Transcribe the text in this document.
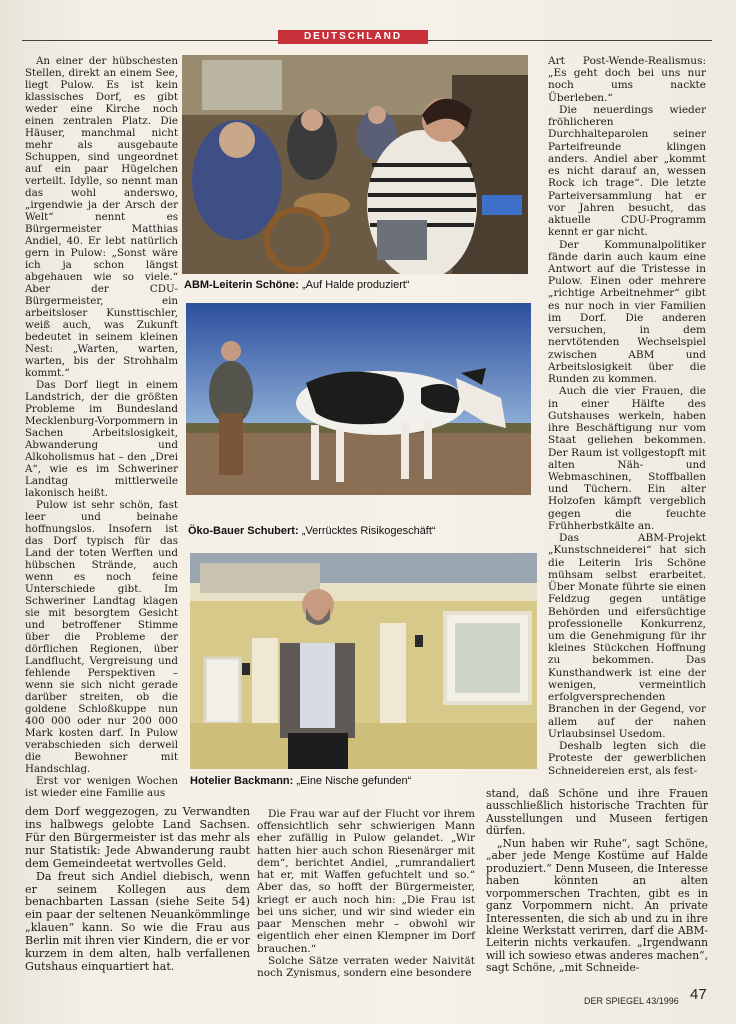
DEUTSCHLAND

An einer der hübschesten Stellen, direkt an einem See, liegt Pulow. Es ist kein klassisches Dorf, es gibt weder eine Kirche noch einen zentralen Platz. Die Häuser, manchmal nicht mehr als ausgebaute Schuppen, sind ungeordnet auf ein paar Hügelchen verteilt. Idylle, so nennt man das wohl anderswo, „irgendwie ja der Arsch der Welt“ nennt es Bürgermeister Matthias Andiel, 40. Er lebt natürlich gern in Pulow: „Sonst wäre ich ja schon längst abgehauen wie so viele.“ Aber der CDU-Bürgermeister, ein arbeitsloser Kunsttischler, weiß auch, was Zukunft bedeutet in seinem kleinen Nest: „Warten, warten, warten, bis der Strohhalm kommt.“

Das Dorf liegt in einem Landstrich, der die größten Probleme im Bundesland Mecklenburg-Vorpommern in Sachen Arbeitslosigkeit, Abwanderung und Alkoholismus hat – den „Drei A“, wie es im Schweriner Landtag mittlerweile lakonisch heißt.

Pulow ist sehr schön, fast leer und beinahe hoffnungslos. Insofern ist das Dorf typisch für das Land der toten Werften und hübschen Strände, auch wenn es noch feine Unterschiede gibt. Im Schweriner Landtag klagen sie mit besorgtem Gesicht und betroffener Stimme über die Probleme der dörflichen Regionen, über Landflucht, Vergreisung und fehlende Perspektiven – wenn sie sich nicht gerade darüber streiten, ob die goldene Schloßkuppe nun 400 000 oder nur 200 000 Mark kosten darf. In Pulow verabschieden sich derweil die Bewohner mit Handschlag.

Erst vor wenigen Wochen ist wieder eine Familie aus

ABM-Leiterin Schöne: „Auf Halde produziert“
Öko-Bauer Schubert: „Verrücktes Risikogeschäft“
Hotelier Backmann: „Eine Nische gefunden“

dem Dorf weggezogen, zu Verwandten ins halbwegs gelobte Land Sachsen. Für den Bürgermeister ist das mehr als nur Statistik: Jede Abwanderung raubt dem Gemeindeetat wertvolles Geld.

Da freut sich Andiel diebisch, wenn er seinem Kollegen aus dem benachbarten Lassan (siehe Seite 54) ein paar der seltenen Neuankömmlinge „klauen“ kann. So wie die Frau aus Berlin mit ihren vier Kindern, die er vor kurzem in dem alten, halb verfallenen Gutshaus einquartiert hat.

Die Frau war auf der Flucht vor ihrem offensichtlich sehr schwierigen Mann eher zufällig in Pulow gelandet. „Wir hatten hier auch schon Riesenärger mit dem“, berichtet Andiel, „rumrandaliert hat er, mit Waffen gefuchtelt und so.“ Aber das, so hofft der Bürgermeister, kriegt er auch noch hin: „Die Frau ist bei uns sicher, und wir sind wieder ein paar Menschen mehr – obwohl wir eigentlich eher einen Klempner im Dorf brauchen.“

Solche Sätze verraten weder Naivität noch Zynismus, sondern eine besondere

Art Post-Wende-Realismus: „Es geht doch bei uns nur noch ums nackte Überleben.“

Die neuerdings wieder fröhlicheren Durchhalteparolen seiner Parteifreunde klingen anders. Andiel aber „kommt es nicht darauf an, wessen Rock ich trage“. Die letzte Parteiversammlung hat er vor Jahren besucht, das aktuelle CDU-Programm kennt er gar nicht.

Der Kommunalpolitiker fände darin auch kaum eine Antwort auf die Tristesse in Pulow. Einen oder mehrere „richtige Arbeitnehmer“ gibt es nur noch in vier Familien im Dorf. Die anderen versuchen, in dem nervtötenden Wechselspiel zwischen ABM und Arbeitslosigkeit über die Runden zu kommen.

Auch die vier Frauen, die in einer Hälfte des Gutshauses werkeln, haben ihre Beschäftigung nur vom Staat geliehen bekommen. Der Raum ist vollgestopft mit alten Näh- und Webmaschinen, Stoffballen und Tüchern. Ein alter Holzofen kämpft vergeblich gegen die feuchte Frühherbstkälte an.

Das ABM-Projekt „Kunstschneiderei“ hat sich die Leiterin Iris Schöne mühsam selbst erarbeitet. Über Monate führte sie einen Feldzug gegen untätige Behörden und eifersüchtige professionelle Konkurrenz, um die Genehmigung für ihr kleines Stückchen Hoffnung zu bekommen. Das Kunsthandwerk ist eine der wenigen, vermeintlich erfolgversprechenden Branchen in der Gegend, vor allem auf der nahen Urlaubsinsel Usedom.

Deshalb legten sich die Proteste der gewerblichen Schneidereien erst, als fest-

stand, daß Schöne und ihre Frauen ausschließlich historische Trachten für Ausstellungen und Museen fertigen dürfen.

„Nun haben wir Ruhe“, sagt Schöne, „aber jede Menge Kostüme auf Halde produziert.“ Denn Museen, die Interesse haben könnten an alten vorpommerschen Trachten, gibt es in ganz Vorpommern nicht. An private Interessenten, die sich ab und zu in ihre kleine Werkstatt verirren, darf die ABM-Leiterin nichts verkaufen. „Irgendwann will ich sowieso etwas anderes machen“, sagt Schöne, „mit Schneide-

DER SPIEGEL 43/1996 47
